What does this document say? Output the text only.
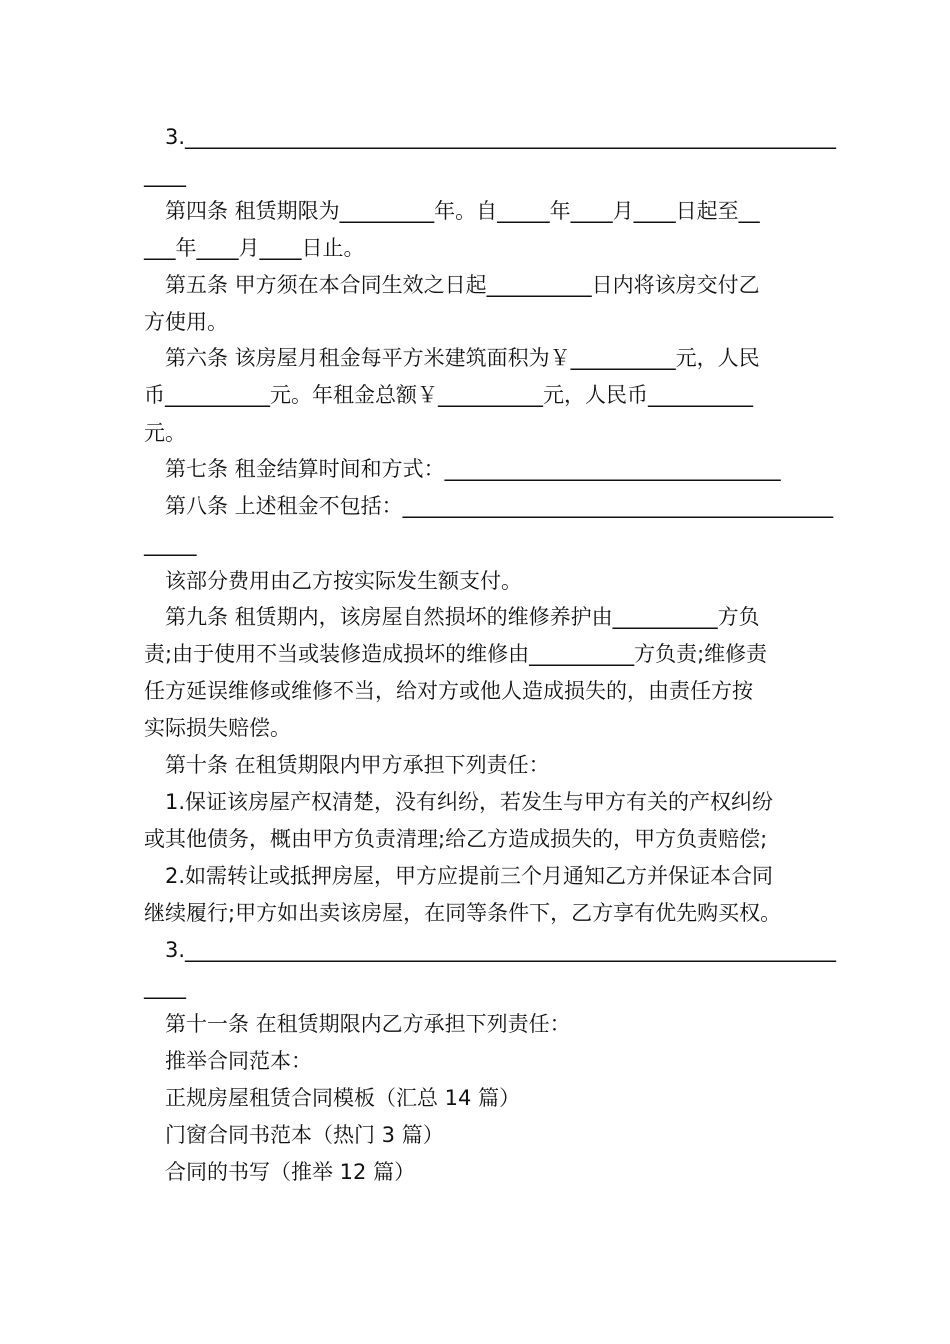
3.______________________________________________________________
____
第四条 租赁期限为_________年。自_____年____月____日起至__
___年____月____日止。
第五条 甲方须在本合同生效之日起__________日内将该房交付乙
方使用。
第六条 该房屋月租金每平方米建筑面积为￥__________元，人民
币__________元。年租金总额￥__________元，人民币__________
元。
第七条 租金结算时间和方式：________________________________
第八条 上述租金不包括：_________________________________________
_____
该部分费用由乙方按实际发生额支付。
第九条 租赁期内，该房屋自然损坏的维修养护由__________方负
责;由于使用不当或装修造成损坏的维修由__________方负责;维修责
任方延误维修或维修不当，给对方或他人造成损失的，由责任方按
实际损失赔偿。
第十条 在租赁期限内甲方承担下列责任：
1.保证该房屋产权清楚，没有纠纷，若发生与甲方有关的产权纠纷
或其他债务，概由甲方负责清理;给乙方造成损失的，甲方负责赔偿;
2.如需转让或抵押房屋，甲方应提前三个月通知乙方并保证本合同
继续履行;甲方如出卖该房屋，在同等条件下，乙方享有优先购买权。
3.______________________________________________________________
____
第十一条 在租赁期限内乙方承担下列责任：
推举合同范本：
正规房屋租赁合同模板（汇总 14 篇）
门窗合同书范本（热门 3 篇）
合同的书写（推举 12 篇）
